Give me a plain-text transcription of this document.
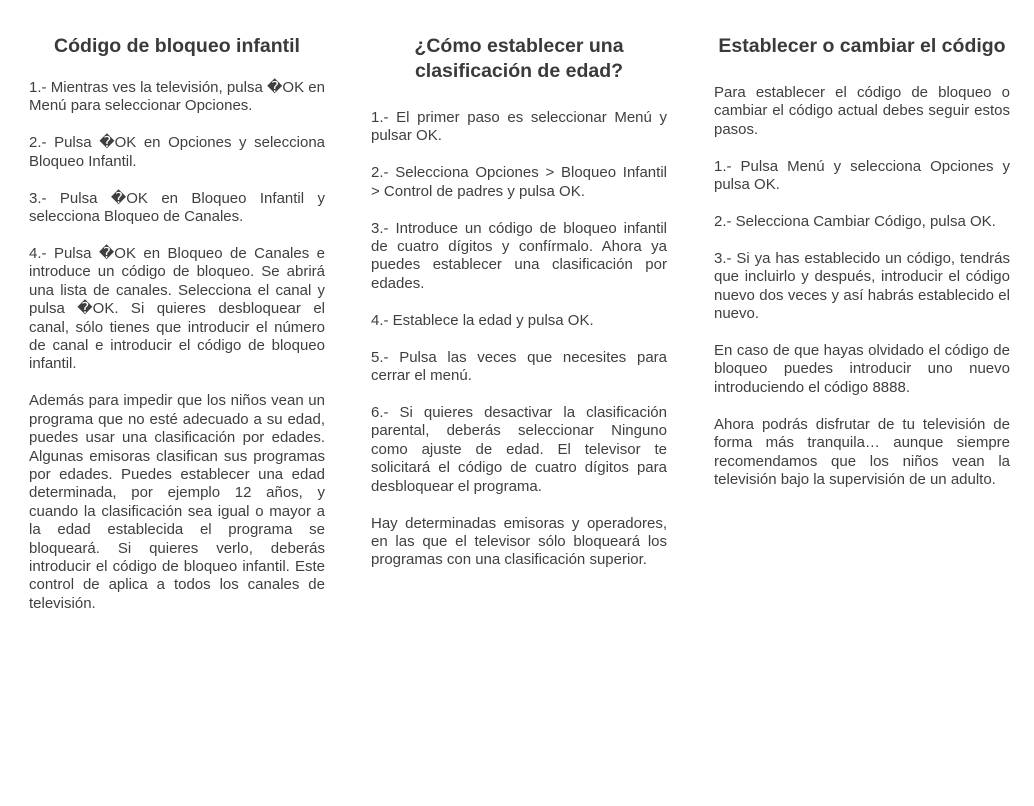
Código de bloqueo infantil

1.- Mientras ves la televisión, pulsa �OK en Menú para seleccionar Opciones.

2.- Pulsa �OK en Opciones y selecciona Bloqueo Infantil.

3.- Pulsa �OK en Bloqueo Infantil y selecciona Bloqueo de Canales.

4.- Pulsa �OK en Bloqueo de Canales e introduce un código de bloqueo. Se abrirá una lista de canales. Selecciona el canal y pulsa �OK. Si quieres desbloquear el canal, sólo tienes que introducir el número de canal e introducir el código de bloqueo infantil.

Además para impedir que los niños vean un programa que no esté adecuado a su edad, puedes usar una clasificación por edades. Algunas emisoras clasifican sus programas por edades. Puedes establecer una edad determinada, por ejemplo 12 años, y cuando la clasificación sea igual o mayor a la edad establecida el programa se bloqueará. Si quieres verlo, deberás introducir el código de bloqueo infantil. Este control de aplica a todos los canales de televisión.

¿Cómo establecer una clasificación de edad?

1.- El primer paso es seleccionar Menú y pulsar OK.

2.- Selecciona Opciones > Bloqueo Infantil > Control de padres y pulsa OK.

3.- Introduce un código de bloqueo infantil de cuatro dígitos y confírmalo. Ahora ya puedes establecer una clasificación por edades.

4.- Establece la edad y pulsa OK.

5.- Pulsa las veces que necesites para cerrar el menú.

6.- Si quieres desactivar la clasificación parental, deberás seleccionar Ninguno como ajuste de edad. El televisor te solicitará el código de cuatro dígitos para desbloquear el programa.

Hay determinadas emisoras y operadores, en las que el televisor sólo bloqueará los programas con una clasificación superior.

Establecer o cambiar el código

Para establecer el código de bloqueo o cambiar el código actual debes seguir estos pasos.

1.- Pulsa Menú y selecciona Opciones y pulsa OK.

2.- Selecciona Cambiar Código, pulsa OK.

3.- Si ya has establecido un código, tendrás que incluirlo y después, introducir el código nuevo dos veces y así habrás establecido el nuevo.

En caso de que hayas olvidado el código de bloqueo puedes introducir uno nuevo introduciendo el código 8888.

Ahora podrás disfrutar de tu televisión de forma más tranquila… aunque siempre recomendamos que los niños vean la televisión bajo la supervisión de un adulto.
